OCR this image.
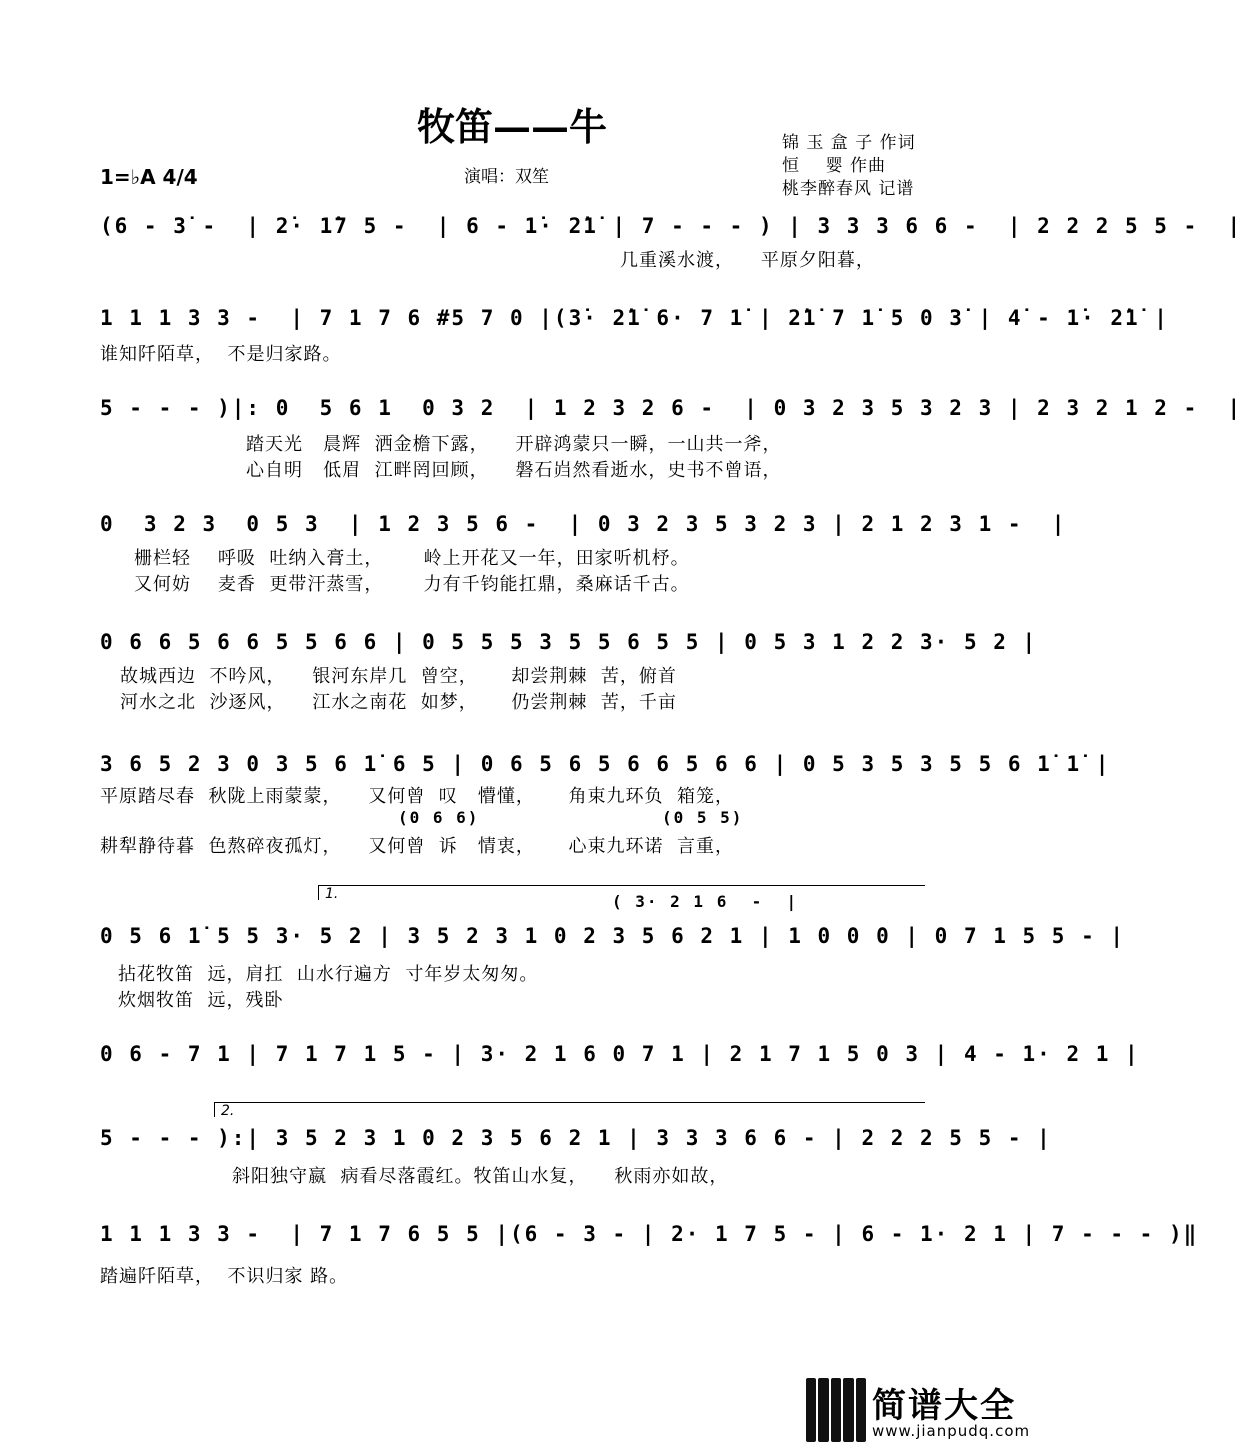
牧笛——牛	锦 玉 盒 子 作词
恒    婴 作曲
桃李醉春风 记谱
1=♭A 4/4	演唱：双笙
(6 - 3̇ -  | 2̇· 1̇7 5 -  | 6 - 1̇· 2̇1̇ | 7 - - - ) | 3 3 3 6 6 -  | 2 2 2 5 5 -  |
几重溪水渡，    平原夕阳暮，
1 1 1 3 3 -  | 7 1 7 6 #5 7 0 |(3̇· 2̇1̇ 6· 7 1̇ | 2̇1̇ 7 1̇ 5 0 3̇ | 4̇ - 1̇· 2̇1̇ |
谁知阡陌草，  不是归家路。
5 - - - )|: 0  5 6 1  0 3 2  | 1 2 3 2 6 -  | 0 3 2 3 5 3 2 3 | 2 3 2 1 2 -  |
踏天光   晨辉  洒金檐下露，    开辟鸿蒙只一瞬，一山共一斧，
心自明   低眉  江畔罔回顾，    磐石岿然看逝水，史书不曾语，
0  3 2 3  0 5 3  | 1 2 3 5 6 -  | 0 3 2 3 5 3 2 3 | 2 1 2 3 1 -  |
栅栏轻    呼吸  吐纳入膏土，      岭上开花又一年，田家听机杼。
又何妨    麦香  更带汗蒸雪，      力有千钧能扛鼎，桑麻话千古。
0 6 6 5 6 6 5 5 6 6 | 0 5 5 5 3 5 5 6 5 5 | 0 5 3 1 2 2 3· 5 2 |
故城西边  不吟风，    银河东岸几  曾空，     却尝荆棘  苦，俯首
河水之北  沙逐风，    江水之南花  如梦，     仍尝荆棘  苦，千亩
3 6 5 2 3 0 3 5 6 1̇ 6 5 | 0 6 5 6 5 6 6 5 6 6 | 0 5 3 5 3 5 5 6 1̇ 1̇ |
平原踏尽春  秋陇上雨蒙蒙，    又何曾  叹   懵懂，     角束九环负  箱笼，
(0 6 6)	(0 5 5)
耕犁静待暮  色熬碎夜孤灯，    又何曾  诉   情衷，     心束九环诺  言重，
1.	( 3· 2 1 6  -  |
0 5 6 1̇ 5 5 3· 5 2 | 3 5 2 3 1 0 2 3 5 6 2 1 | 1 0 0 0 | 0 7 1 5 5 - |
拈花牧笛  远，肩扛  山水行遍方  寸年岁太匆匆。
炊烟牧笛  远，残卧
0 6 - 7 1 | 7 1 7 1 5 - | 3· 2 1 6 0 7 1 | 2 1 7 1 5 0 3 | 4 - 1· 2 1 |
2.
5 - - - ):| 3 5 2 3 1 0 2 3 5 6 2 1 | 3 3 3 6 6 - | 2 2 2 5 5 - |
斜阳独守嬴  病看尽落霞红。牧笛山水复，    秋雨亦如故，
1 1 1 3 3 -  | 7 1 7 6 5 5 |(6 - 3 - | 2· 1 7 5 - | 6 - 1· 2 1 | 7 - - - )‖
踏遍阡陌草，  不识归家 路。
简谱大全
www.jianpudq.com
